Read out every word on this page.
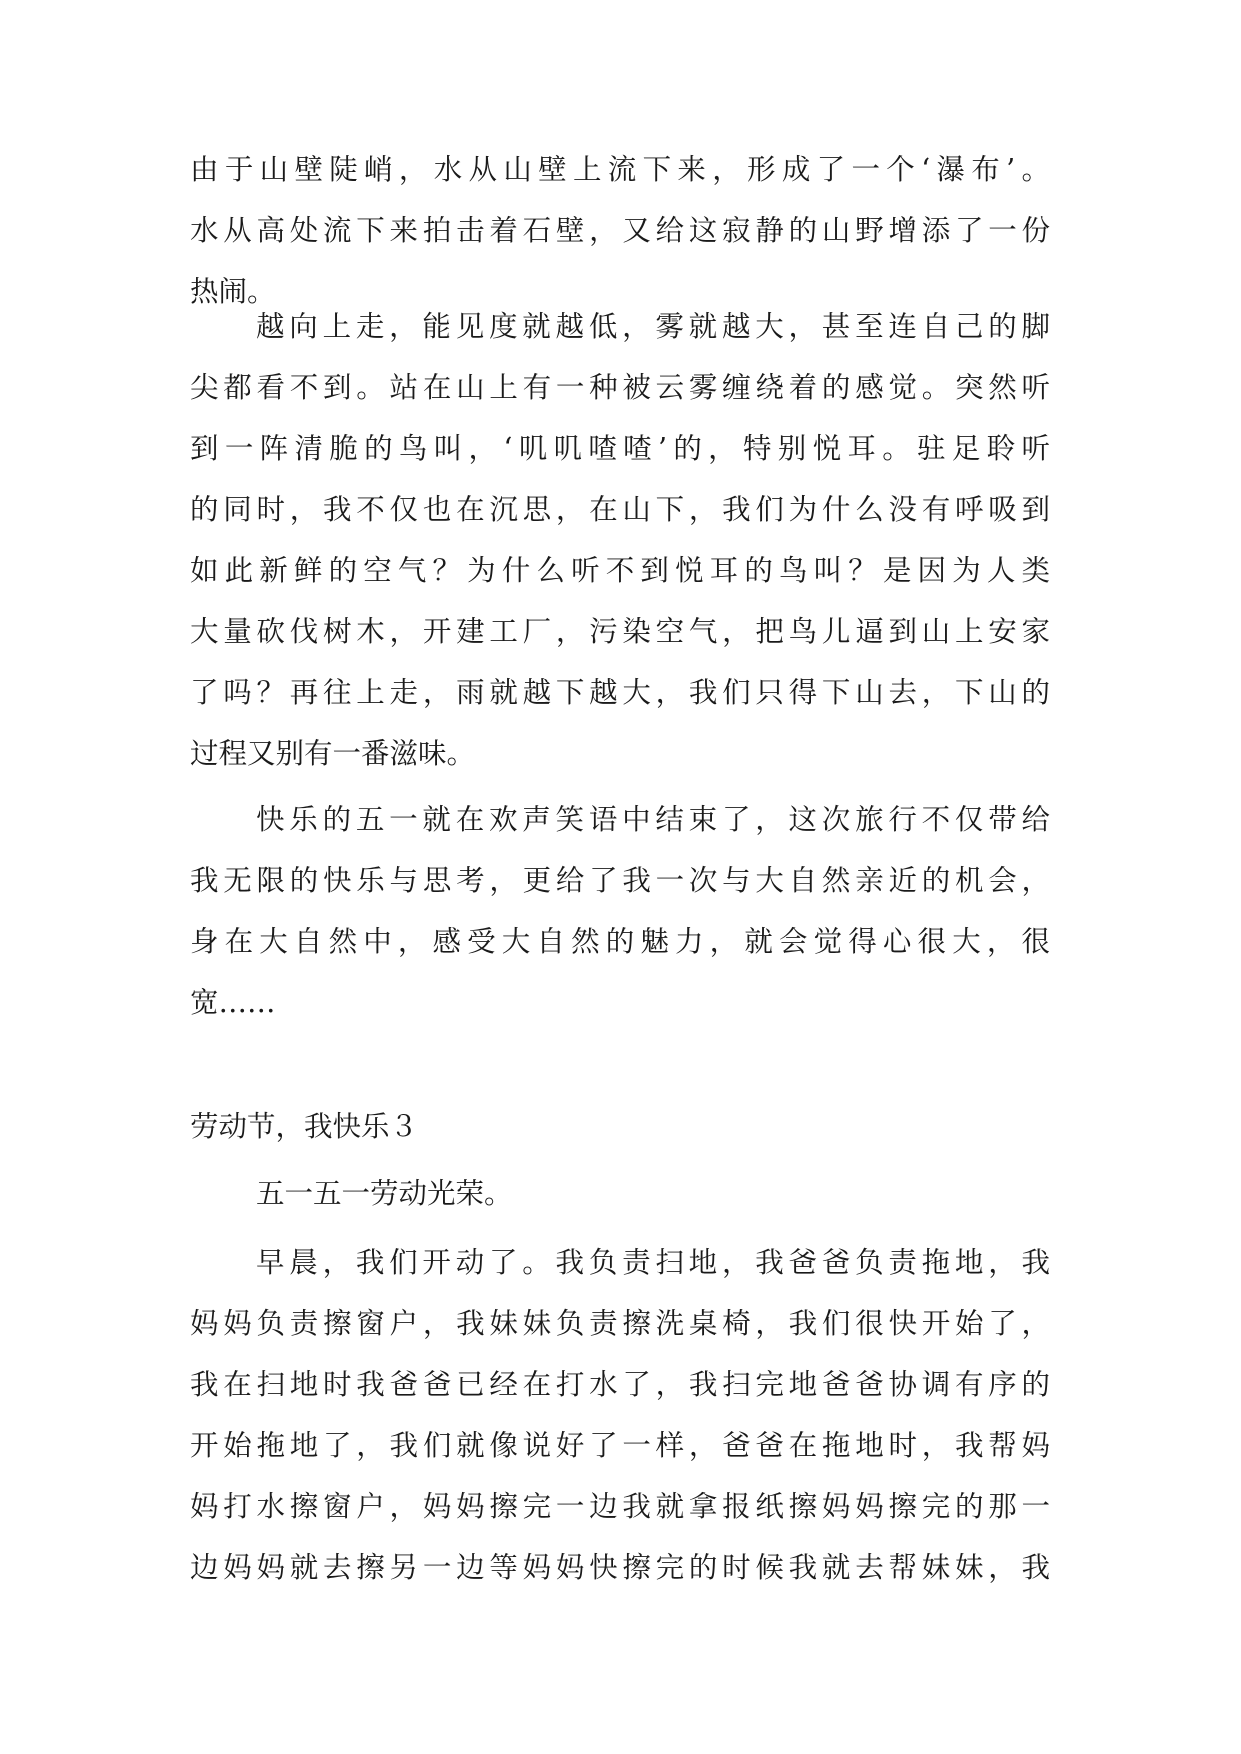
由于山壁陡峭，水从山壁上流下来，形成了一个‘瀑布’。
水从高处流下来拍击着石壁，又给这寂静的山野增添了一份
热闹。
越向上走，能见度就越低，雾就越大，甚至连自己的脚
尖都看不到。站在山上有一种被云雾缠绕着的感觉。突然听
到一阵清脆的鸟叫，‘叽叽喳喳’的，特别悦耳。驻足聆听
的同时，我不仅也在沉思，在山下，我们为什么没有呼吸到
如此新鲜的空气？为什么听不到悦耳的鸟叫？是因为人类
大量砍伐树木，开建工厂，污染空气，把鸟儿逼到山上安家
了吗？再往上走，雨就越下越大，我们只得下山去，下山的
过程又别有一番滋味。
快乐的五一就在欢声笑语中结束了，这次旅行不仅带给
我无限的快乐与思考，更给了我一次与大自然亲近的机会，
身在大自然中，感受大自然的魅力，就会觉得心很大，很
宽……
劳动节，我快乐３
五一五一劳动光荣。
早晨，我们开动了。我负责扫地，我爸爸负责拖地，我
妈妈负责擦窗户，我妹妹负责擦洗桌椅，我们很快开始了，
我在扫地时我爸爸已经在打水了，我扫完地爸爸协调有序的
开始拖地了，我们就像说好了一样，爸爸在拖地时，我帮妈
妈打水擦窗户，妈妈擦完一边我就拿报纸擦妈妈擦完的那一
边妈妈就去擦另一边等妈妈快擦完的时候我就去帮妹妹，我
